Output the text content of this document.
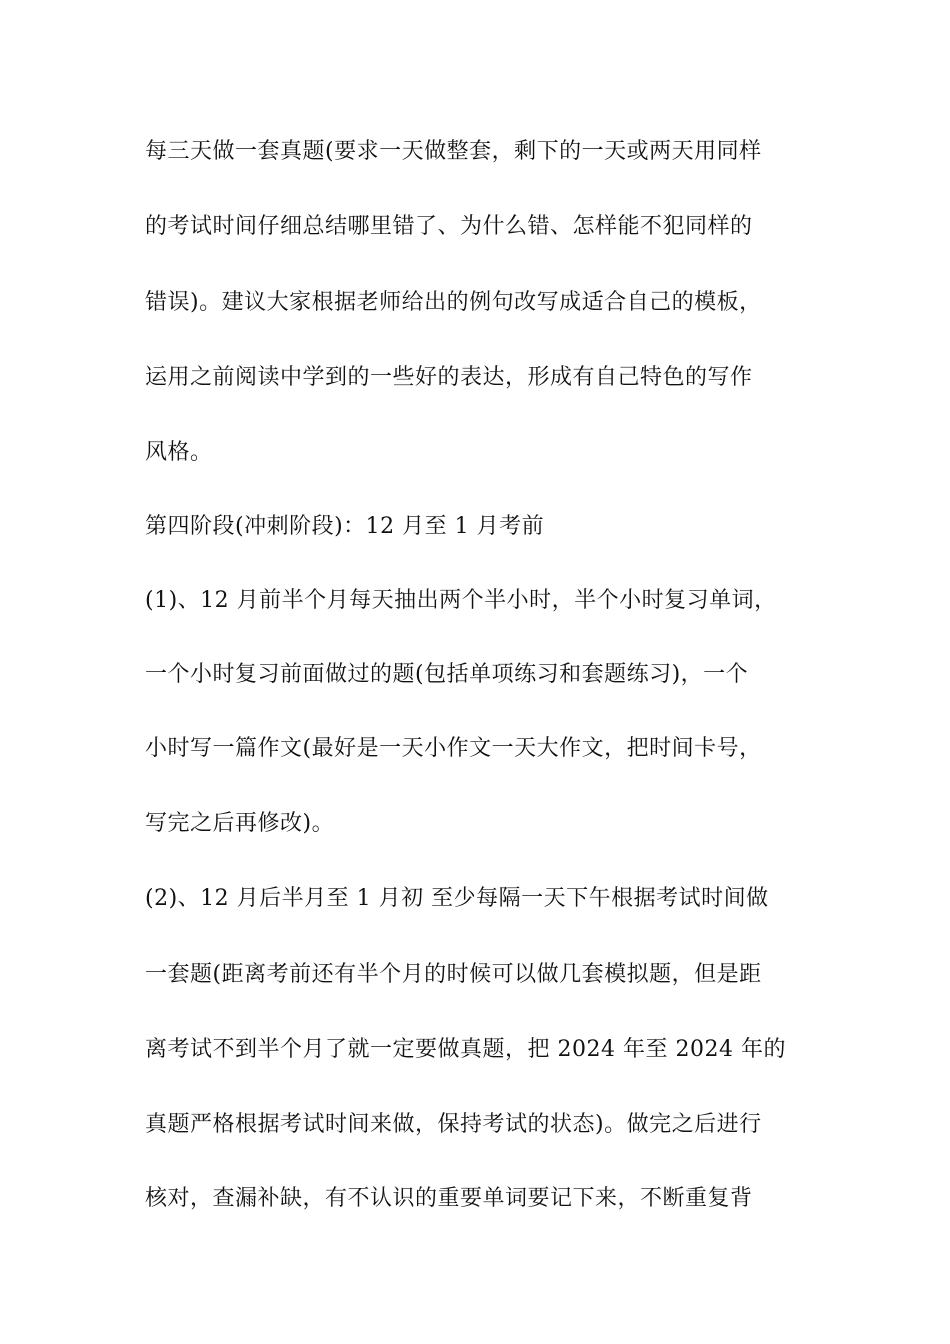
每三天做一套真题(要求一天做整套，剩下的一天或两天用同样
的考试时间仔细总结哪里错了、为什么错、怎样能不犯同样的
错误)。建议大家根据老师给出的例句改写成适合自己的模板，
运用之前阅读中学到的一些好的表达，形成有自己特色的写作
风格。
第四阶段(冲刺阶段)：12 月至 1 月考前
(1)、12 月前半个月每天抽出两个半小时，半个小时复习单词，
一个小时复习前面做过的题(包括单项练习和套题练习)，一个
小时写一篇作文(最好是一天小作文一天大作文，把时间卡号，
写完之后再修改)。
(2)、12 月后半月至 1 月初 至少每隔一天下午根据考试时间做
一套题(距离考前还有半个月的时候可以做几套模拟题，但是距
离考试不到半个月了就一定要做真题，把 2024 年至 2024 年的
真题严格根据考试时间来做，保持考试的状态)。做完之后进行
核对，查漏补缺，有不认识的重要单词要记下来，不断重复背
